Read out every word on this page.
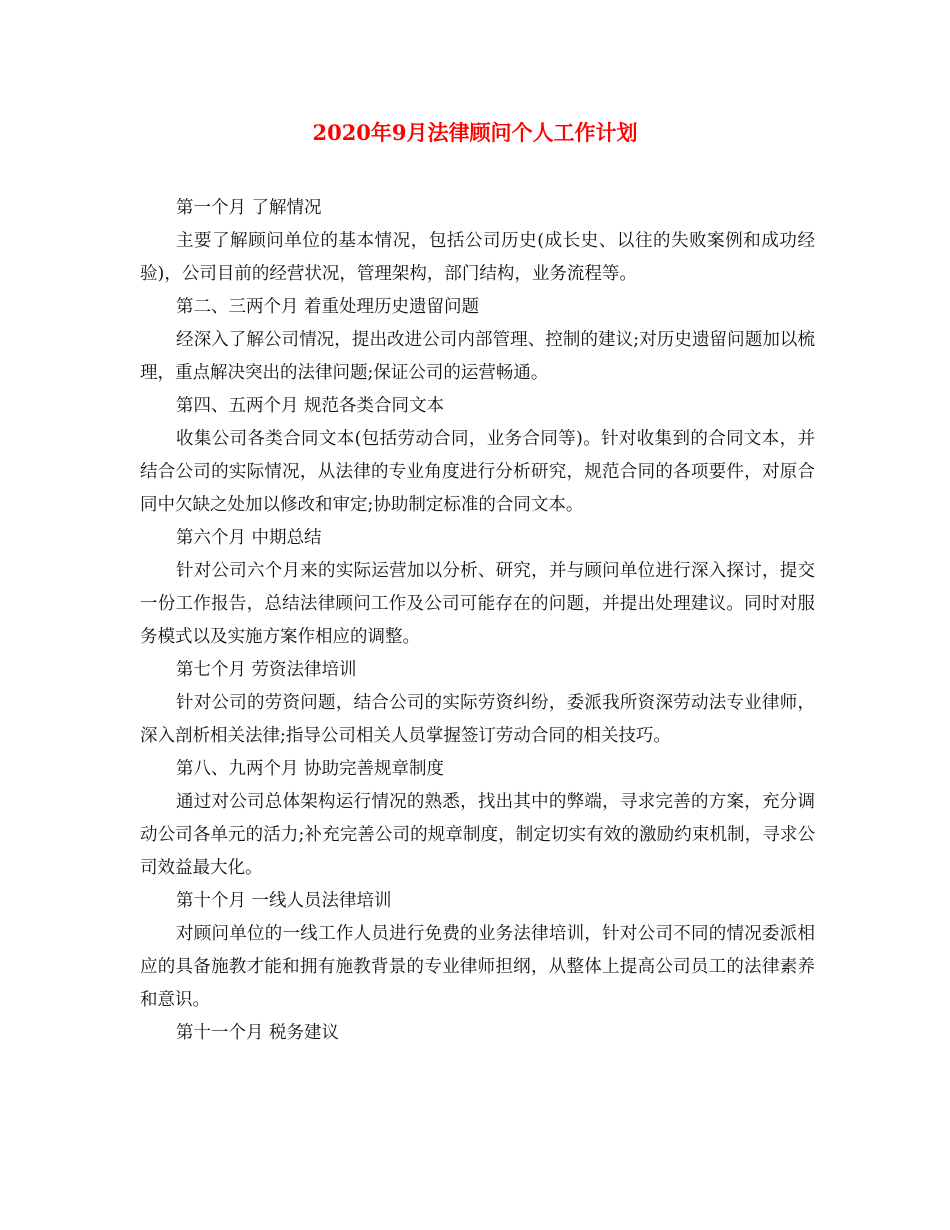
2020年9月法律顾问个人工作计划

第一个月 了解情况

主要了解顾问单位的基本情况，包括公司历史(成长史、以往的失败案例和成功经验)，公司目前的经营状况，管理架构，部门结构，业务流程等。

第二、三两个月 着重处理历史遗留问题

经深入了解公司情况，提出改进公司内部管理、控制的建议;对历史遗留问题加以梳理，重点解决突出的法律问题;保证公司的运营畅通。

第四、五两个月 规范各类合同文本

收集公司各类合同文本(包括劳动合同，业务合同等)。针对收集到的合同文本，并结合公司的实际情况，从法律的专业角度进行分析研究，规范合同的各项要件，对原合同中欠缺之处加以修改和审定;协助制定标准的合同文本。

第六个月 中期总结

针对公司六个月来的实际运营加以分析、研究，并与顾问单位进行深入探讨，提交一份工作报告，总结法律顾问工作及公司可能存在的问题，并提出处理建议。同时对服务模式以及实施方案作相应的调整。

第七个月 劳资法律培训

针对公司的劳资问题，结合公司的实际劳资纠纷，委派我所资深劳动法专业律师，深入剖析相关法律;指导公司相关人员掌握签订劳动合同的相关技巧。

第八、九两个月 协助完善规章制度

通过对公司总体架构运行情况的熟悉，找出其中的弊端，寻求完善的方案，充分调动公司各单元的活力;补充完善公司的规章制度，制定切实有效的激励约束机制，寻求公司效益最大化。

第十个月 一线人员法律培训

对顾问单位的一线工作人员进行免费的业务法律培训，针对公司不同的情况委派相应的具备施教才能和拥有施教背景的专业律师担纲，从整体上提高公司员工的法律素养和意识。

第十一个月 税务建议
